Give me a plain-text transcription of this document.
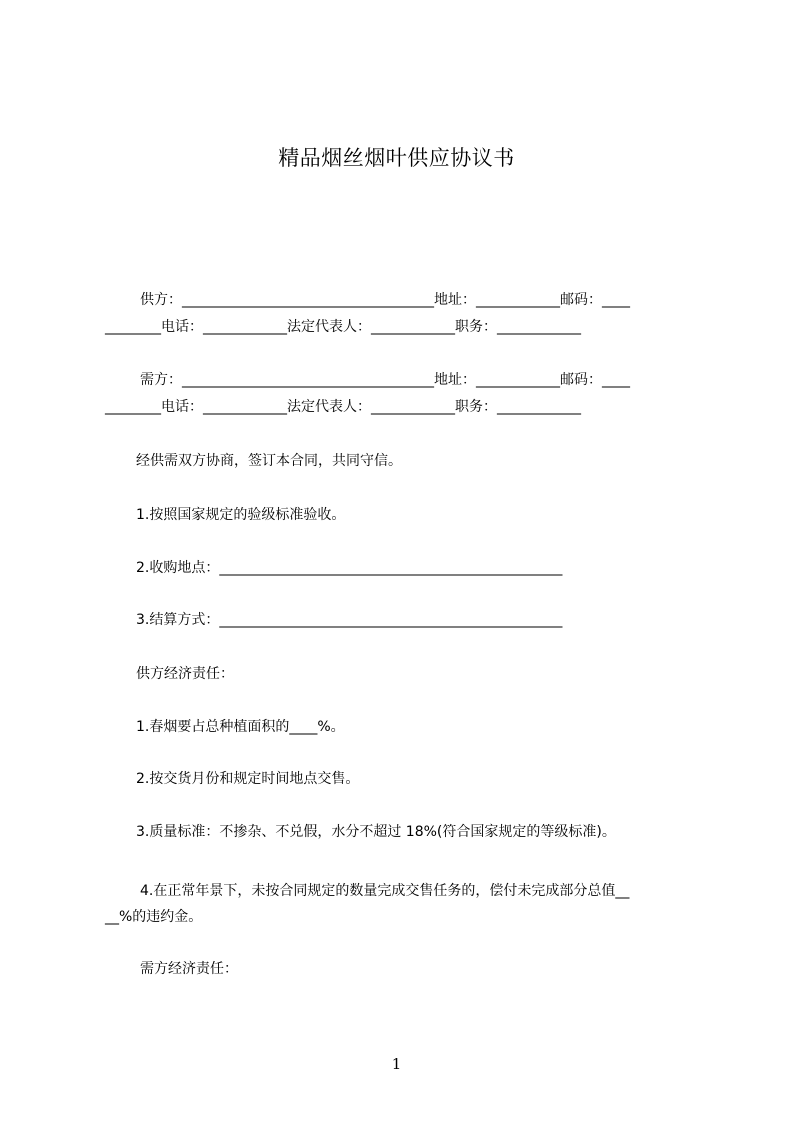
精品烟丝烟叶供应协议书
供方：____________________________________地址：____________邮码：____
________电话：____________法定代表人：____________职务：____________
需方：____________________________________地址：____________邮码：____
________电话：____________法定代表人：____________职务：____________
经供需双方协商，签订本合同，共同守信。
1.按照国家规定的验级标准验收。
2.收购地点：_________________________________________________
3.结算方式：_________________________________________________
供方经济责任：
1.春烟要占总种植面积的____%。
2.按交货月份和规定时间地点交售。
3.质量标准：不掺杂、不兑假，水分不超过 18%(符合国家规定的等级标准)。
4.在正常年景下，未按合同规定的数量完成交售任务的，偿付未完成部分总值__
__%的违约金。
需方经济责任：
1
